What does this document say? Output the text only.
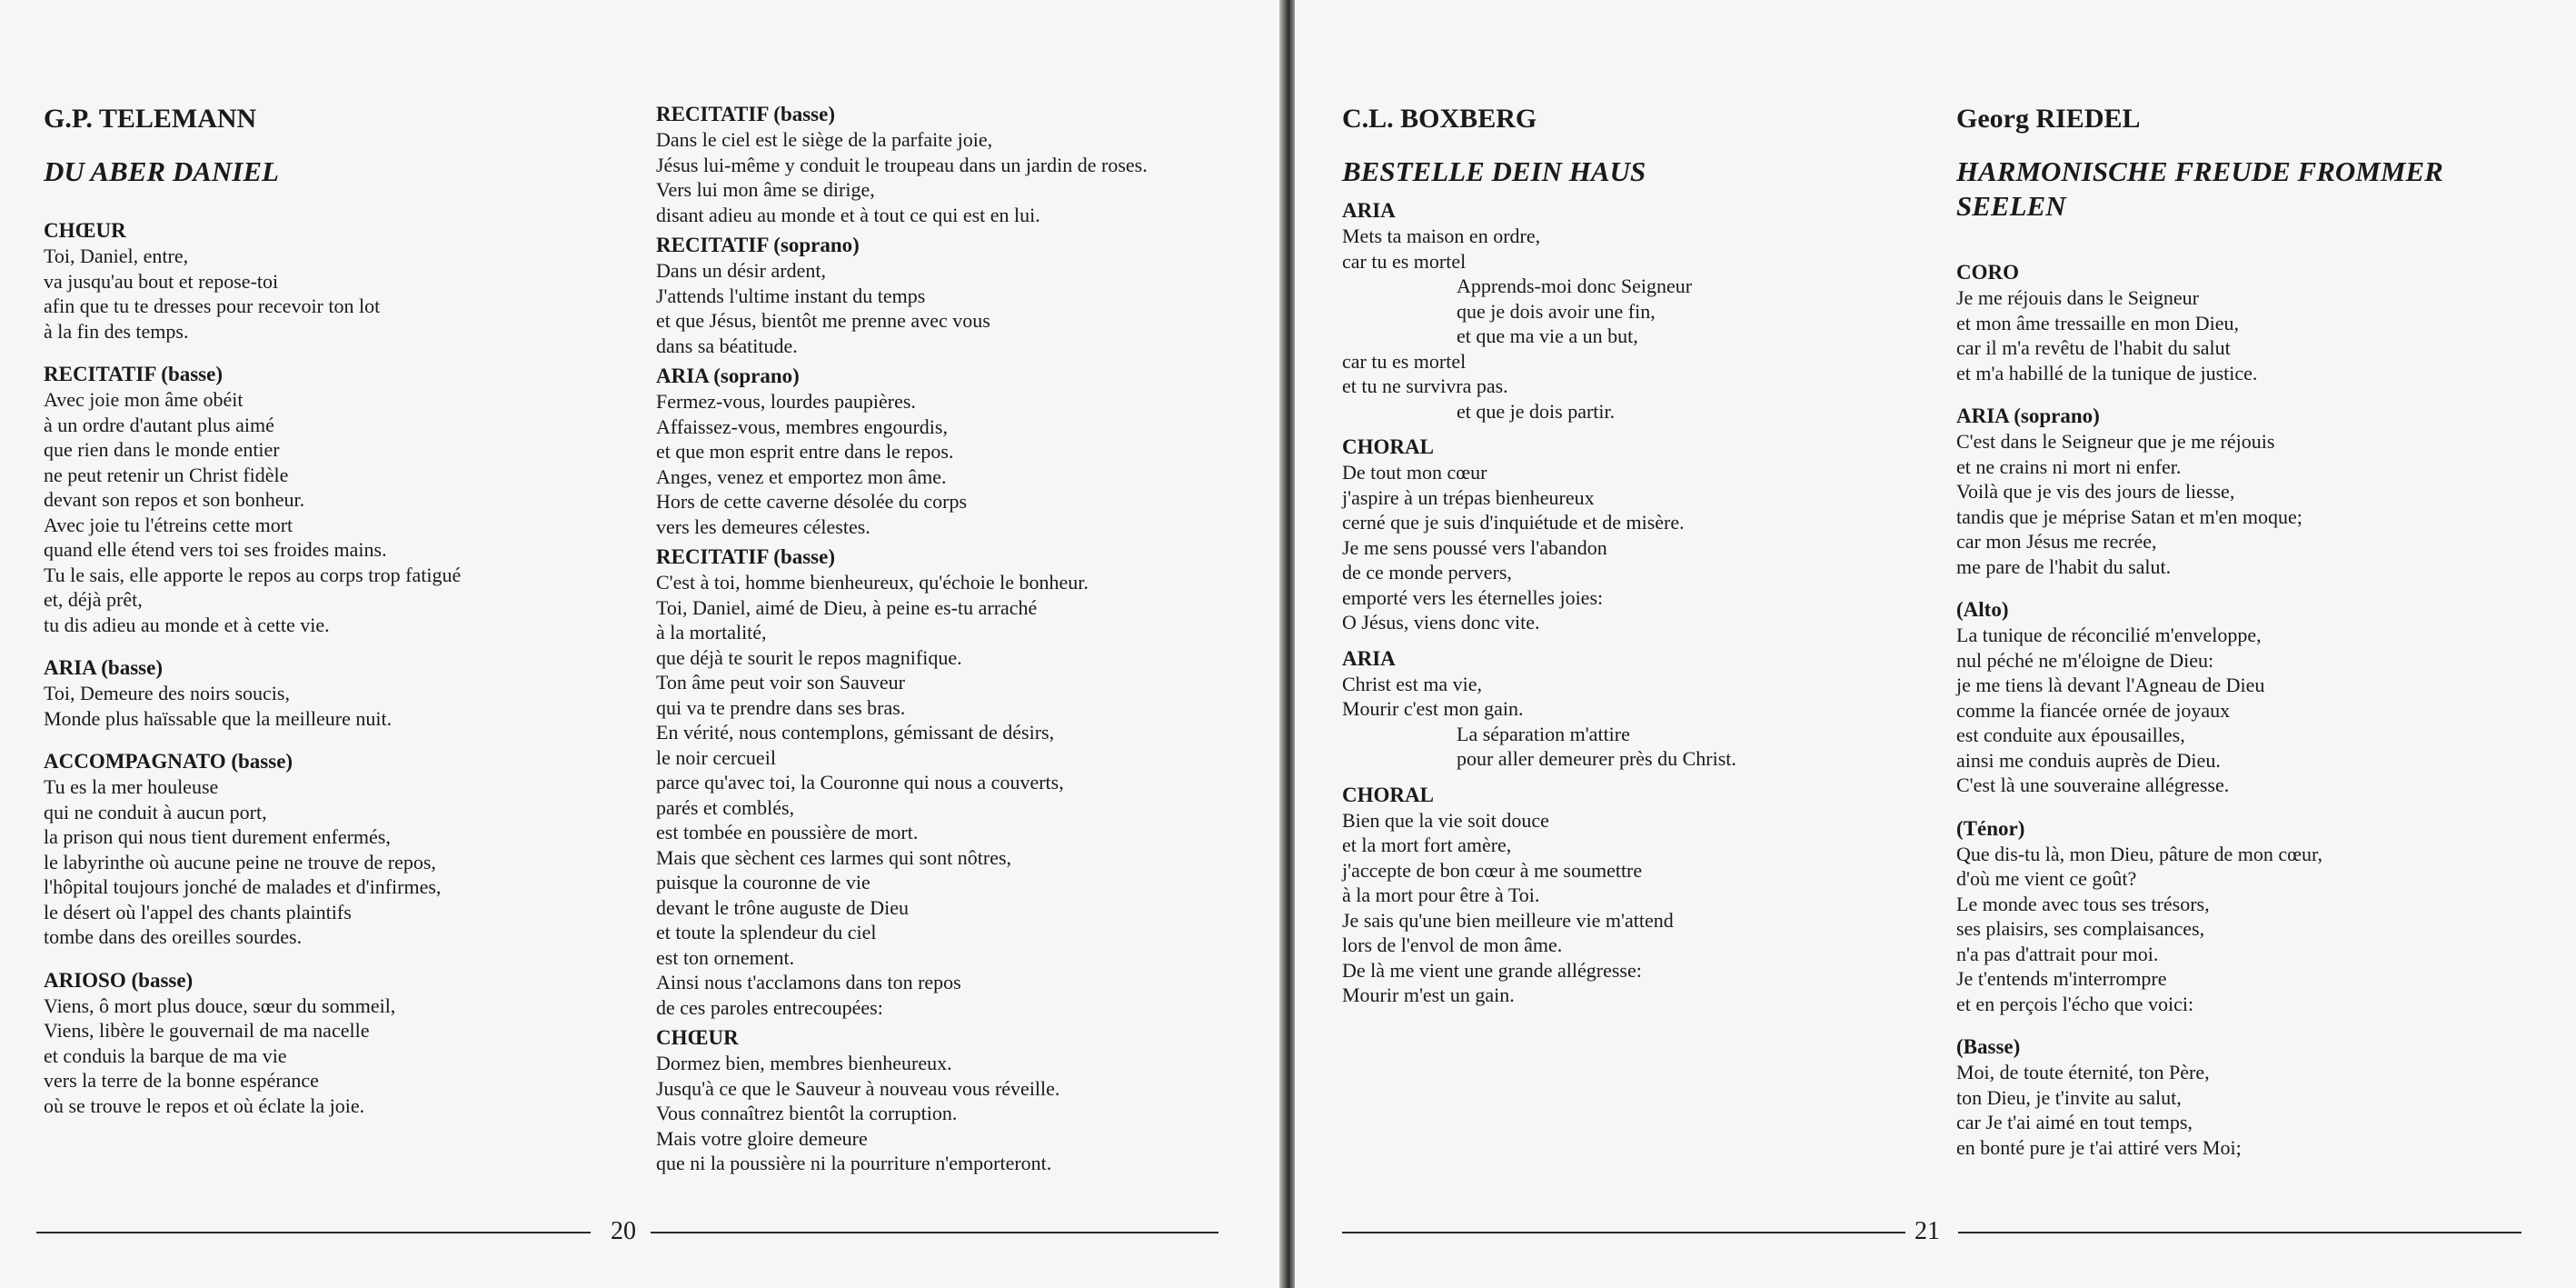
G.P. TELEMANN
DU ABER DANIEL
CHŒUR
Toi, Daniel, entre,
va jusqu'au bout et repose-toi
afin que tu te dresses pour recevoir ton lot
à la fin des temps.
RECITATIF (basse)
Avec joie mon âme obéit
à un ordre d'autant plus aimé
que rien dans le monde entier
ne peut retenir un Christ fidèle
devant son repos et son bonheur.
Avec joie tu l'étreins cette mort
quand elle étend vers toi ses froides mains.
Tu le sais, elle apporte le repos au corps trop fatigué
et, déjà prêt,
tu dis adieu au monde et à cette vie.
ARIA (basse)
Toi, Demeure des noirs soucis,
Monde plus haïssable que la meilleure nuit.
ACCOMPAGNATO (basse)
Tu es la mer houleuse
qui ne conduit à aucun port,
la prison qui nous tient durement enfermés,
le labyrinthe où aucune peine ne trouve de repos,
l'hôpital toujours jonché de malades et d'infirmes,
le désert où l'appel des chants plaintifs
tombe dans des oreilles sourdes.
ARIOSO (basse)
Viens, ô mort plus douce, sœur du sommeil,
Viens, libère le gouvernail de ma nacelle
et conduis la barque de ma vie
vers la terre de la bonne espérance
où se trouve le repos et où éclate la joie.
RECITATIF (basse)
Dans le ciel est le siège de la parfaite joie,
Jésus lui-même y conduit le troupeau dans un jardin de roses.
Vers lui mon âme se dirige,
disant adieu au monde et à tout ce qui est en lui.
RECITATIF (soprano)
Dans un désir ardent,
J'attends l'ultime instant du temps
et que Jésus, bientôt me prenne avec vous
dans sa béatitude.
ARIA (soprano)
Fermez-vous, lourdes paupières.
Affaissez-vous, membres engourdis,
et que mon esprit entre dans le repos.
Anges, venez et emportez mon âme.
Hors de cette caverne désolée du corps
vers les demeures célestes.
RECITATIF (basse)
C'est à toi, homme bienheureux, qu'échoie le bonheur.
Toi, Daniel, aimé de Dieu, à peine es-tu arraché
à la mortalité,
que déjà te sourit le repos magnifique.
Ton âme peut voir son Sauveur
qui va te prendre dans ses bras.
En vérité, nous contemplons, gémissant de désirs,
le noir cercueil
parce qu'avec toi, la Couronne qui nous a couverts,
parés et comblés,
est tombée en poussière de mort.
Mais que sèchent ces larmes qui sont nôtres,
puisque la couronne de vie
devant le trône auguste de Dieu
et toute la splendeur du ciel
est ton ornement.
Ainsi nous t'acclamons dans ton repos
de ces paroles entrecoupées:
CHŒUR
Dormez bien, membres bienheureux.
Jusqu'à ce que le Sauveur à nouveau vous réveille.
Vous connaîtrez bientôt la corruption.
Mais votre gloire demeure
que ni la poussière ni la pourriture n'emporteront.
20
C.L. BOXBERG
BESTELLE DEIN HAUS
ARIA
Mets ta maison en ordre,
car tu es mortel
Apprends-moi donc Seigneur
que je dois avoir une fin,
et que ma vie a un but,
car tu es mortel
et tu ne survivra pas.
et que je dois partir.
CHORAL
De tout mon cœur
j'aspire à un trépas bienheureux
cerné que je suis d'inquiétude et de misère.
Je me sens poussé vers l'abandon
de ce monde pervers,
emporté vers les éternelles joies:
O Jésus, viens donc vite.
ARIA
Christ est ma vie,
Mourir c'est mon gain.
La séparation m'attire
pour aller demeurer près du Christ.
CHORAL
Bien que la vie soit douce
et la mort fort amère,
j'accepte de bon cœur à me soumettre
à la mort pour être à Toi.
Je sais qu'une bien meilleure vie m'attend
lors de l'envol de mon âme.
De là me vient une grande allégresse:
Mourir m'est un gain.
Georg RIEDEL
HARMONISCHE FREUDE FROMMER
SEELEN
CORO
Je me réjouis dans le Seigneur
et mon âme tressaille en mon Dieu,
car il m'a revêtu de l'habit du salut
et m'a habillé de la tunique de justice.
ARIA (soprano)
C'est dans le Seigneur que je me réjouis
et ne crains ni mort ni enfer.
Voilà que je vis des jours de liesse,
tandis que je méprise Satan et m'en moque;
car mon Jésus me recrée,
me pare de l'habit du salut.
(Alto)
La tunique de réconcilié m'enveloppe,
nul péché ne m'éloigne de Dieu:
je me tiens là devant l'Agneau de Dieu
comme la fiancée ornée de joyaux
est conduite aux épousailles,
ainsi me conduis auprès de Dieu.
C'est là une souveraine allégresse.
(Ténor)
Que dis-tu là, mon Dieu, pâture de mon cœur,
d'où me vient ce goût?
Le monde avec tous ses trésors,
ses plaisirs, ses complaisances,
n'a pas d'attrait pour moi.
Je t'entends m'interrompre
et en perçois l'écho que voici:
(Basse)
Moi, de toute éternité, ton Père,
ton Dieu, je t'invite au salut,
car Je t'ai aimé en tout temps,
en bonté pure je t'ai attiré vers Moi;
21
